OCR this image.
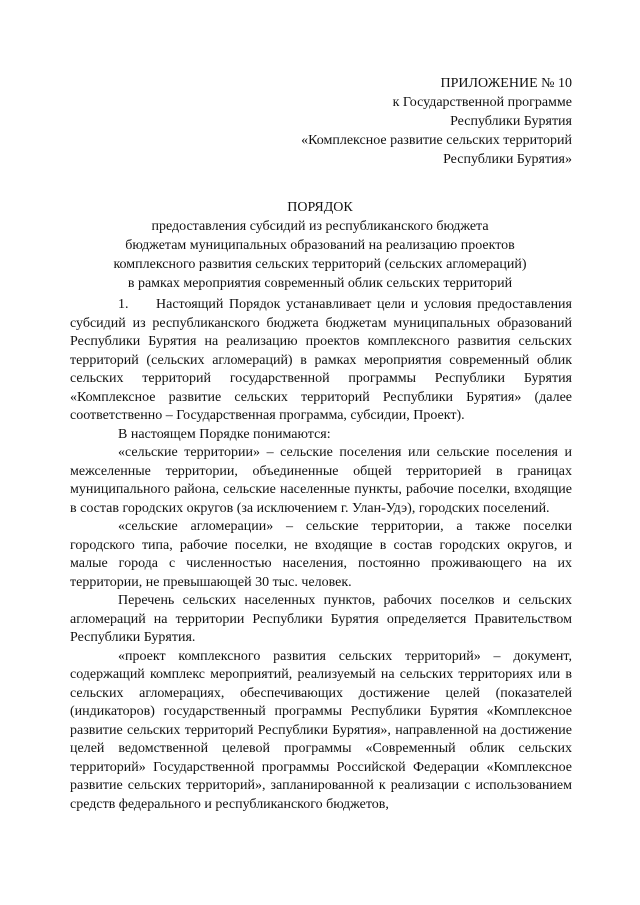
ПРИЛОЖЕНИЕ № 10
к Государственной программе
Республики Бурятия
«Комплексное развитие сельских территорий
Республики Бурятия»
ПОРЯДОК
предоставления субсидий из республиканского бюджета
бюджетам муниципальных образований на реализацию проектов
комплексного развития сельских территорий (сельских агломераций)
в рамках мероприятия современный облик сельских территорий

1. Настоящий Порядок устанавливает цели и условия предоставления субсидий из республиканского бюджета бюджетам муниципальных образований Республики Бурятия на реализацию проектов комплексного развития сельских территорий (сельских агломераций) в рамках мероприятия современный облик сельских территорий государственной программы Республики Бурятия «Комплексное развитие сельских территорий Республики Бурятия» (далее соответственно – Государственная программа, субсидии, Проект).

В настоящем Порядке понимаются:

«сельские территории» – сельские поселения или сельские поселения и межселенные территории, объединенные общей территорией в границах муниципального района, сельские населенные пункты, рабочие поселки, входящие в состав городских округов (за исключением г. Улан-Удэ), городских поселений.

«сельские агломерации» – сельские территории, а также поселки городского типа, рабочие поселки, не входящие в состав городских округов, и малые города с численностью населения, постоянно проживающего на их территории, не превышающей 30 тыс. человек.

Перечень сельских населенных пунктов, рабочих поселков и сельских агломераций на территории Республики Бурятия определяется Правительством Республики Бурятия.

«проект комплексного развития сельских территорий» – документ, содержащий комплекс мероприятий, реализуемый на сельских территориях или в сельских агломерациях, обеспечивающих достижение целей (показателей (индикаторов) государственный программы Республики Бурятия «Комплексное развитие сельских территорий Республики Бурятия», направленной на достижение целей ведомственной целевой программы «Современный облик сельских территорий» Государственной программы Российской Федерации «Комплексное развитие сельских территорий», запланированной к реализации с использованием средств федерального и республиканского бюджетов,
